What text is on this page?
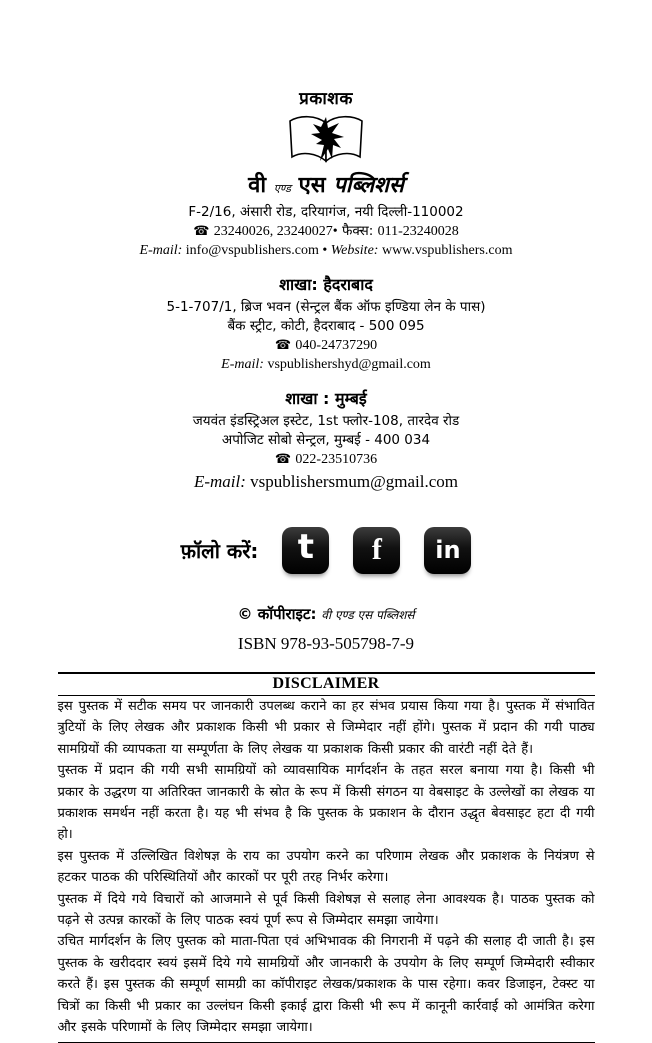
प्रकाशक
वी एण्ड एस पब्लिशर्स
F-2/16, अंसारी रोड, दरियागंज, नयी दिल्ली-110002
☎ 23240026, 23240027• फैक्स: 011-23240028
E-mail: info@vspublishers.com • Website: www.vspublishers.com
शाखा: हैदराबाद
5-1-707/1, ब्रिज भवन (सेन्ट्रल बैंक ऑफ इण्डिया लेन के पास)
बैंक स्ट्रीट, कोटी, हैदराबाद - 500 095
☎ 040-24737290
E-mail: vspublishershyd@gmail.com
शाखा : मुम्बई
जयवंत इंडस्ट्रिअल इस्टेट, 1st फ्लोर-108, तारदेव रोड
अपोजिट सोबो सेन्ट्रल, मुम्बई - 400 034
☎ 022-23510736
E-mail: vspublishersmum@gmail.com
फ़ॉलो करें:	t	f	in
© कॉपीराइट: वी एण्ड एस पब्लिशर्स
ISBN 978-93-505798-7-9
DISCLAIMER

इस पुस्तक में सटीक समय पर जानकारी उपलब्ध कराने का हर संभव प्रयास किया गया है। पुस्तक में संभावित त्रुटियों के लिए लेखक और प्रकाशक किसी भी प्रकार से जिम्मेदार नहीं होंगे। पुस्तक में प्रदान की गयी पाठ्य सामग्रियों की व्यापकता या सम्पूर्णता के लिए लेखक या प्रकाशक किसी प्रकार की वारंटी नहीं देते हैं।

पुस्तक में प्रदान की गयी सभी सामग्रियों को व्यावसायिक मार्गदर्शन के तहत सरल बनाया गया है। किसी भी प्रकार के उद्धरण या अतिरिक्त जानकारी के स्रोत के रूप में किसी संगठन या वेबसाइट के उल्लेखों का लेखक या प्रकाशक समर्थन नहीं करता है। यह भी संभव है कि पुस्तक के प्रकाशन के दौरान उद्धृत बेवसाइट हटा दी गयी हो।

इस पुस्तक में उल्लिखित विशेषज्ञ के राय का उपयोग करने का परिणाम लेखक और प्रकाशक के नियंत्रण से हटकर पाठक की परिस्थितियों और कारकों पर पूरी तरह निर्भर करेगा।

पुस्तक में दिये गये विचारों को आजमाने से पूर्व किसी विशेषज्ञ से सलाह लेना आवश्यक है। पाठक पुस्तक को पढ़ने से उत्पन्न कारकों के लिए पाठक स्वयं पूर्ण रूप से जिम्मेदार समझा जायेगा।

उचित मार्गदर्शन के लिए पुस्तक को माता-पिता एवं अभिभावक की निगरानी में पढ़ने की सलाह दी जाती है। इस पुस्तक के खरीददार स्वयं इसमें दिये गये सामग्रियों और जानकारी के उपयोग के लिए सम्पूर्ण जिम्मेदारी स्वीकार करते हैं। इस पुस्तक की सम्पूर्ण सामग्री का कॉपीराइट लेखक/प्रकाशक के पास रहेगा। कवर डिजाइन, टेक्स्ट या चित्रों का किसी भी प्रकार का उल्लंघन किसी इकाई द्वारा किसी भी रूप में कानूनी कार्रवाई को आमंत्रित करेगा और इसके परिणामों के लिए जिम्मेदार समझा जायेगा।
